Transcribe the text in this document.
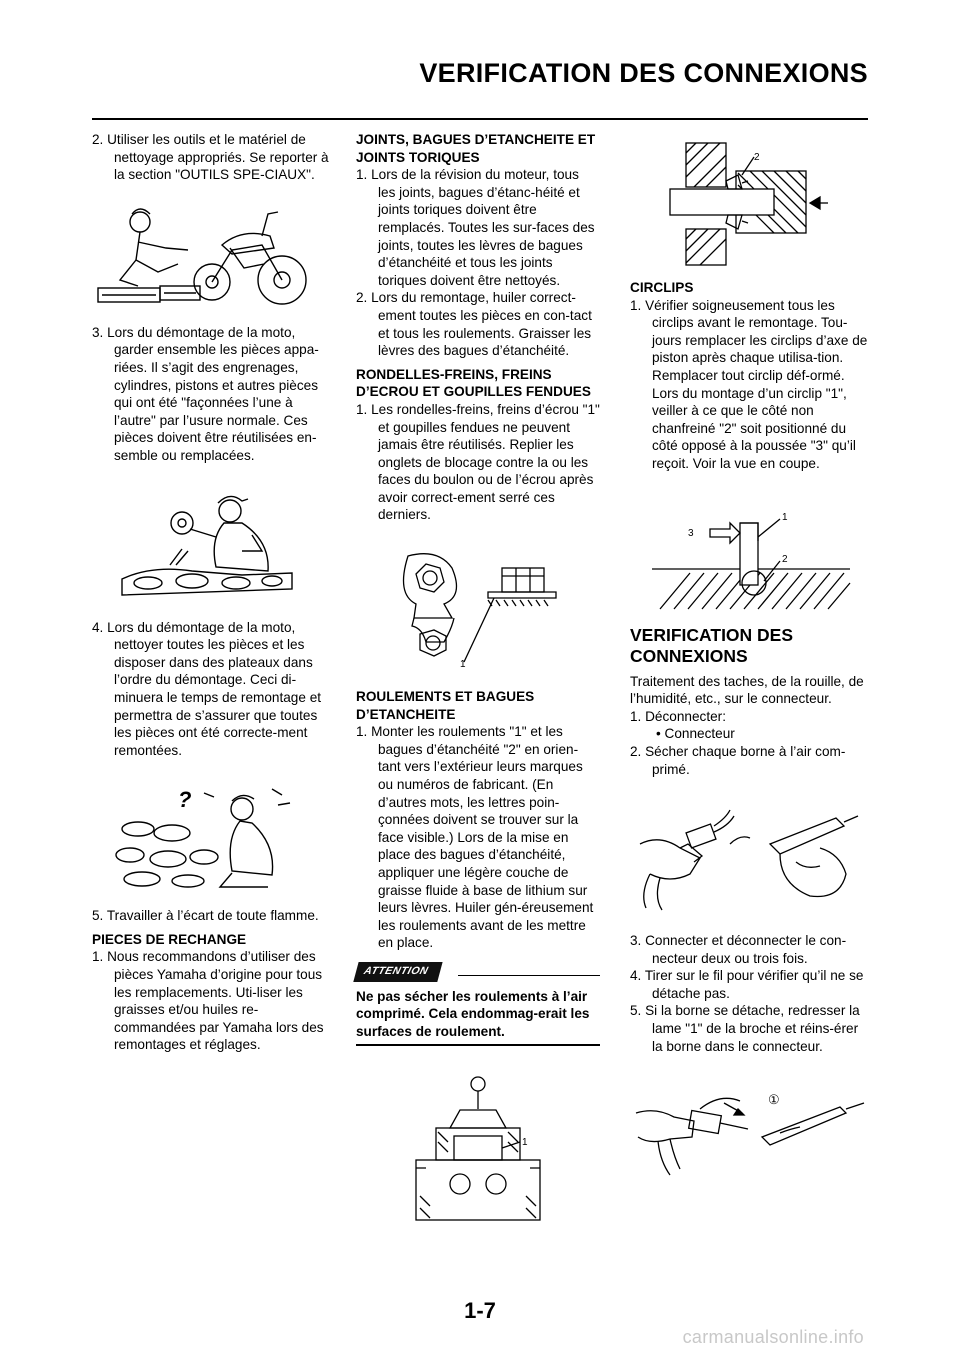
VERIFICATION DES CONNEXIONS

2. Utiliser les outils et le matériel de nettoyage appropriés. Se reporter à la section "OUTILS SPE-CIAUX".

3. Lors du démontage de la moto, garder ensemble les pièces appa-riées. Il s’agit des engrenages, cylindres, pistons et autres pièces qui ont été "façonnées l’une à l’autre" par l’usure normale. Ces pièces doivent être réutilisées en-semble ou remplacées.

4. Lors du démontage de la moto, nettoyer toutes les pièces et les disposer dans des plateaux dans l’ordre du démontage. Ceci di-minuera le temps de remontage et permettra de s’assurer que toutes les pièces ont été correcte-ment remontées.

?

5. Travailler à l’écart de toute flamme.

PIECES DE RECHANGE

1. Nous recommandons d’utiliser des pièces Yamaha d’origine pour tous les remplacements. Uti-liser les graisses et/ou huiles re-commandées par Yamaha lors des remontages et réglages.

JOINTS, BAGUES D’ETANCHEITE ET JOINTS TORIQUES

1. Lors de la révision du moteur, tous les joints, bagues d’étanc-héité et joints toriques doivent être remplacés. Toutes les sur-faces des joints, toutes les lèvres de bagues d’étanchéité et tous les joints toriques doivent être nettoyés.

2. Lors du remontage, huiler correct-ement toutes les pièces en con-tact et tous les roulements. Graisser les lèvres des bagues d’étanchéité.

RONDELLES-FREINS, FREINS D’ECROU ET GOUPILLES FENDUES

1. Les rondelles-freins, freins d’écrou "1" et goupilles fendues ne peuvent jamais être réutilisés. Replier les onglets de blocage contre la ou les faces du boulon ou de l’écrou après avoir correct-ement serré ces derniers.

1

ROULEMENTS ET BAGUES D’ETANCHEITE

1. Monter les roulements "1" et les bagues d’étanchéité "2" en orien-tant vers l’extérieur leurs marques ou numéros de fabricant. (En d’autres mots, les lettres poin-çonnées doivent se trouver sur la face visible.) Lors de la mise en place des bagues d’étanchéité, appliquer une légère couche de graisse fluide à base de lithium sur leurs lèvres. Huiler gén-éreusement les roulements avant de les mettre en place.

ATTENTION

Ne pas sécher les roulements à l’air comprimé. Cela endommag-erait les surfaces de roulement.

1
2

CIRCLIPS

1. Vérifier soigneusement tous les circlips avant le remontage. Tou-jours remplacer les circlips d’axe de piston après chaque utilisa-tion. Remplacer tout circlip déf-ormé. Lors du montage d’un circlip "1", veiller à ce que le côté non chanfreiné "2" soit positionné du côté opposé à la poussée "3" qu’il reçoit. Voir la vue en coupe.

1
2
3
VERIFICATION DES CONNEXIONS

Traitement des taches, de la rouille, de l’humidité, etc., sur le connecteur.

1. Déconnecter:

• Connecteur

2. Sécher chaque borne à l’air com-primé.

3. Connecter et déconnecter le con-necteur deux ou trois fois.

4. Tirer sur le fil pour vérifier qu’il ne se détache pas.

5. Si la borne se détache, redresser la lame "1" de la broche et réins-érer la borne dans le connecteur.

①
1-7
carmanualsonline.info
